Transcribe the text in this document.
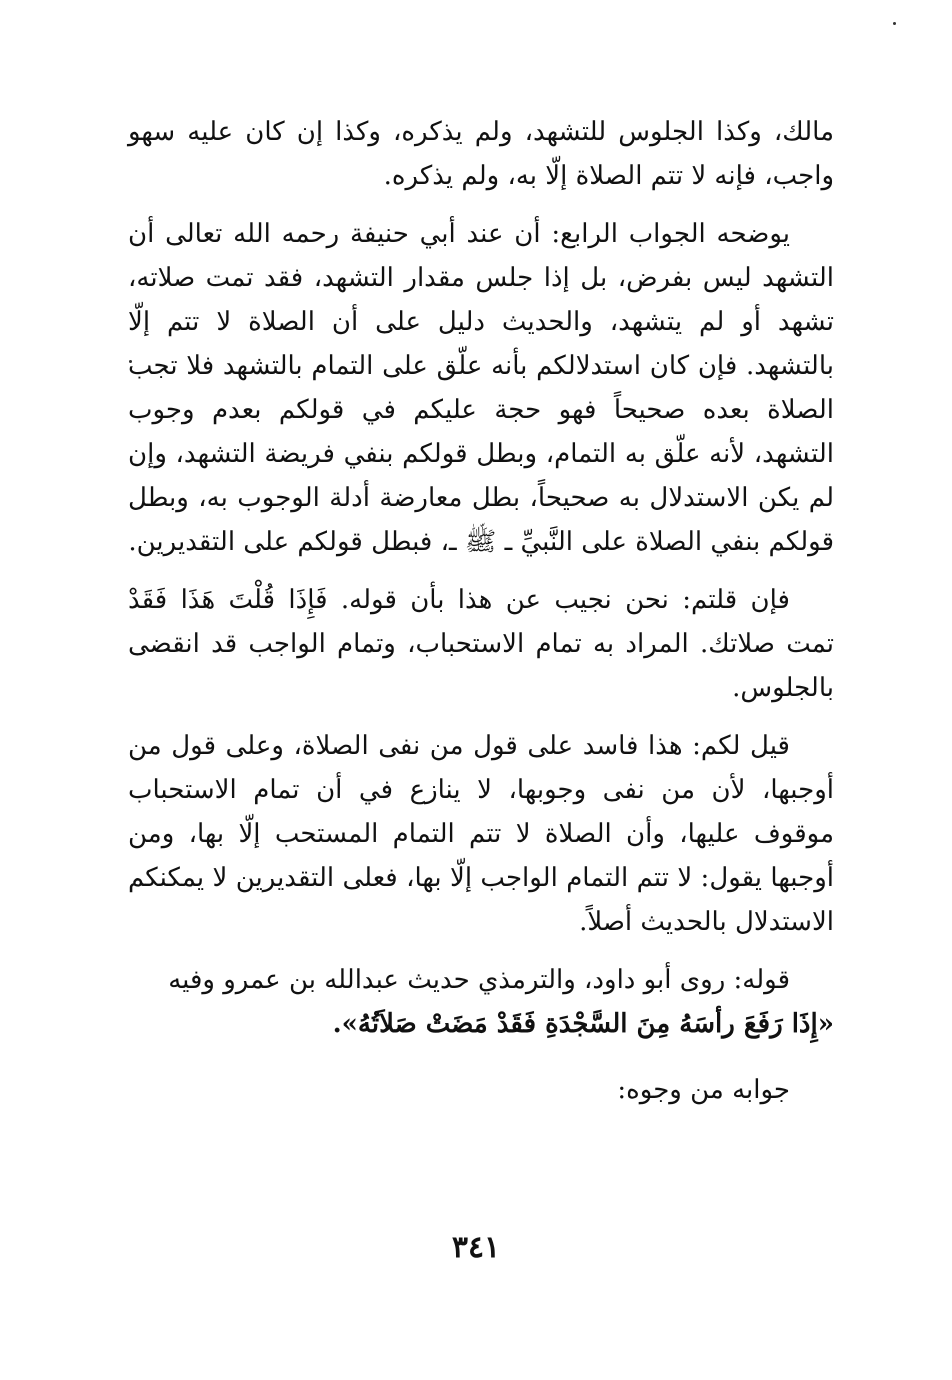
مالك، وكذا الجلوس للتشهد، ولم يذكره، وكذا إن كان عليه سهو واجب، فإنه لا تتم الصلاة إلّا به، ولم يذكره.

يوضحه الجواب الرابع: أن عند أبي حنيفة رحمه الله تعالى أن التشهد ليس بفرض، بل إذا جلس مقدار التشهد، فقد تمت صلاته، تشهد أو لم يتشهد، والحديث دليل على أن الصلاة لا تتم إلّا بالتشهد. فإن كان استدلالكم بأنه علّق على التمام بالتشهد فلا تجب الصلاة بعده صحيحاً فهو حجة عليكم في قولكم بعدم وجوب التشهد، لأنه علّق به التمام، وبطل قولكم بنفي فريضة التشهد، وإن لم يكن الاستدلال به صحيحاً، بطل معارضة أدلة الوجوب به، وبطل قولكم بنفي الصلاة على النَّبيِّ ـ ﷺ ـ، فبطل قولكم على التقديرين.

فإن قلتم: نحن نجيب عن هذا بأن قوله. فَإِذَا قُلْتَ هَذَا فَقَدْ تمت صلاتك. المراد به تمام الاستحباب، وتمام الواجب قد انقضى بالجلوس.

قيل لكم: هذا فاسد على قول من نفى الصلاة، وعلى قول من أوجبها، لأن من نفى وجوبها، لا ينازع في أن تمام الاستحباب موقوف عليها، وأن الصلاة لا تتم التمام المستحب إلّا بها، ومن أوجبها يقول: لا تتم التمام الواجب إلّا بها، فعلى التقديرين لا يمكنكم الاستدلال بالحديث أصلاً.

قوله: روى أبو داود، والترمذي حديث عبدالله بن عمرو وفيه
«إِذَا رَفَعَ رأسَهُ مِنَ السَّجْدَةِ فَقَدْ مَضَتْ صَلاَتُهُ».

جوابه من وجوه:

٣٤١
